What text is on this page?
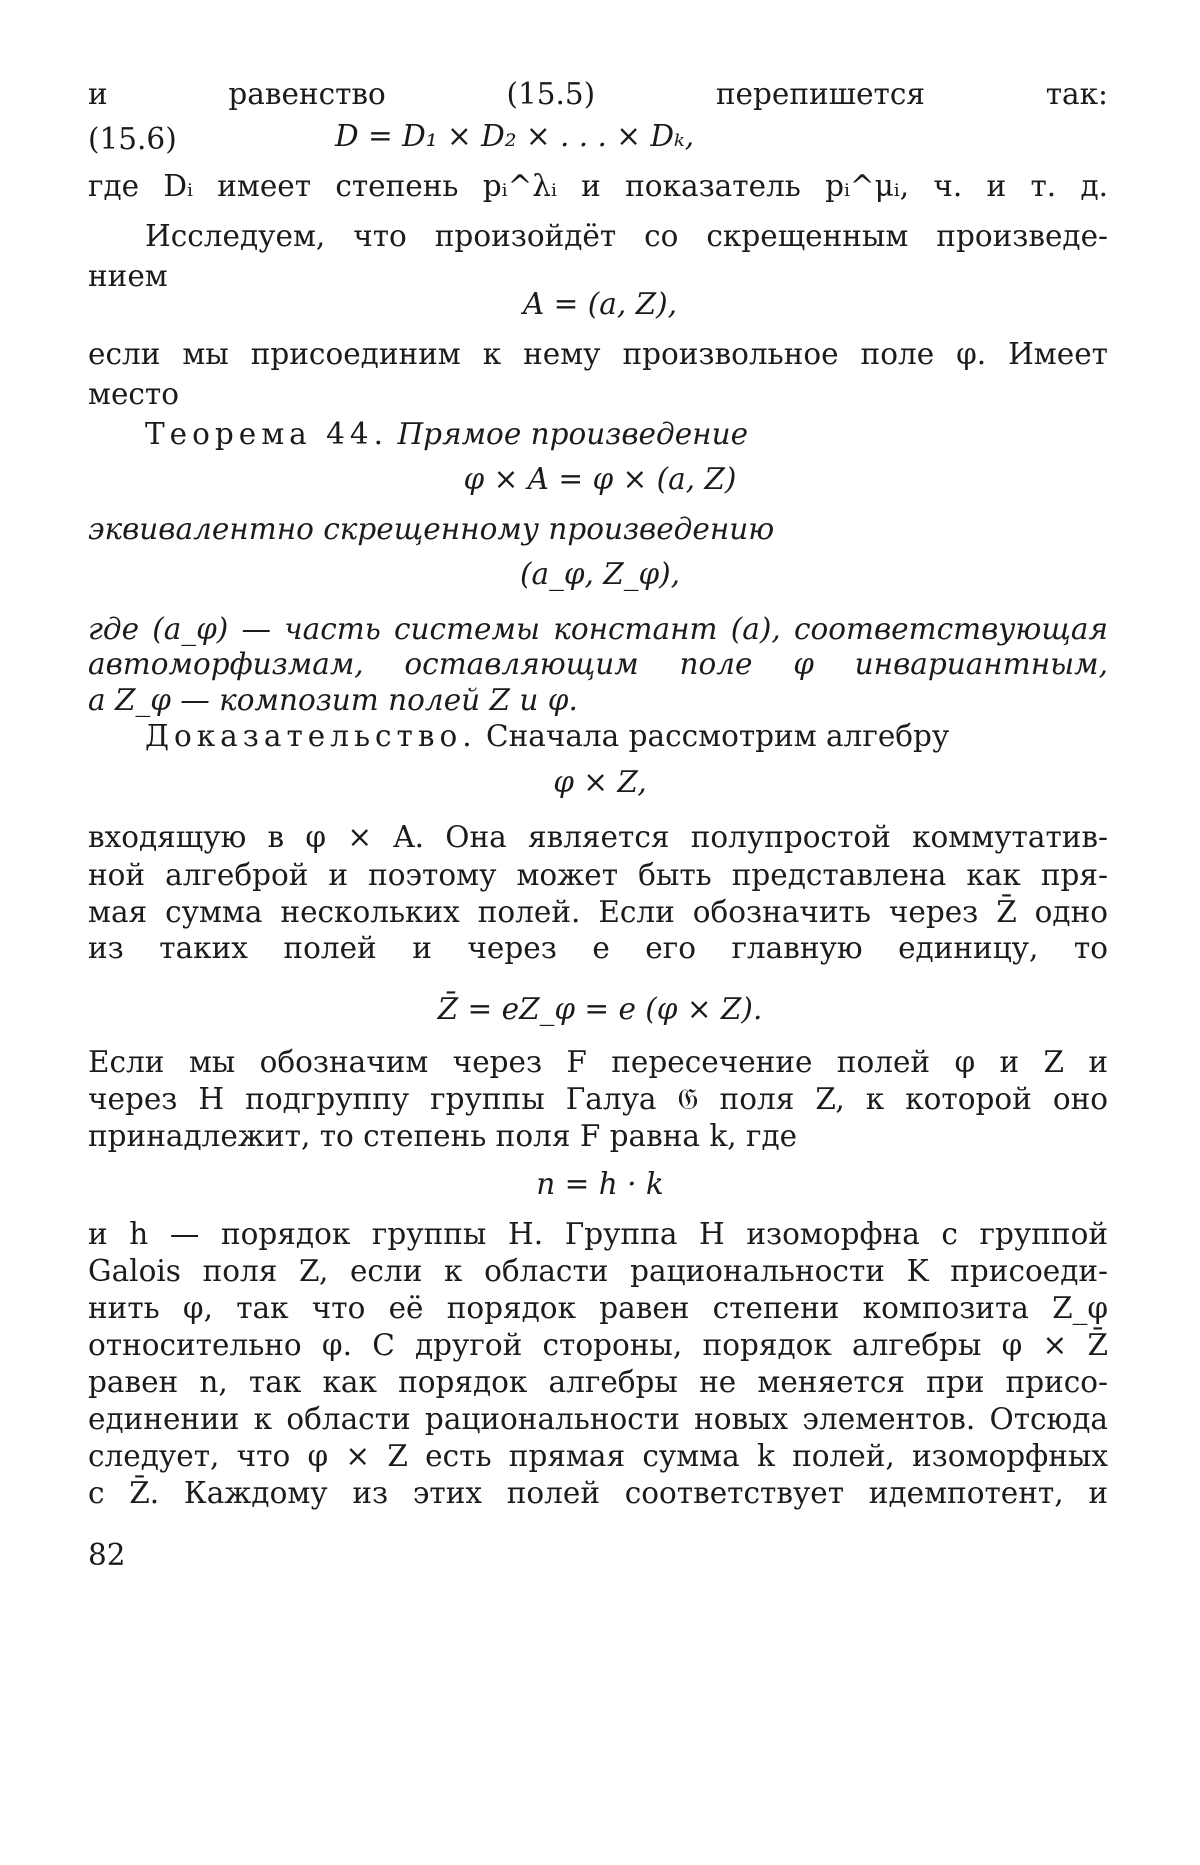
и равенство (15.5) перепишется так:
(15.6)	D = D₁ × D₂ × . . . × Dₖ,
где Dᵢ имеет степень pᵢ^λᵢ и показатель pᵢ^μᵢ, ч. и т. д.
Исследуем, что произойдёт со скрещенным произведе-
нием
A = (a, Z),
если мы присоединим к нему произвольное поле φ. Имеет
место
Теорема 44. Прямое произведение
φ × A = φ × (a, Z)
эквивалентно скрещенному произведению
(a_φ, Z_φ),
где (a_φ) — часть системы констант (a), соответствующая
автоморфизмам, оставляющим поле φ инвариантным,
а Z_φ — композит полей Z и φ.
Доказательство. Сначала рассмотрим алгебру
φ × Z,
входящую в φ × A. Она является полупростой коммутатив-
ной алгеброй и поэтому может быть представлена как пря-
мая сумма нескольких полей. Если обозначить через Z̄ одно
из таких полей и через e его главную единицу, то
Z̄ = eZ_φ = e (φ × Z).
Если мы обозначим через F пересечение полей φ и Z и
через H подгруппу группы Галуа 𝔊 поля Z, к которой оно
принадлежит, то степень поля F равна k, где
n = h · k
и h — порядок группы H. Группа H изоморфна с группой
Galois поля Z, если к области рациональности K присоеди-
нить φ, так что её порядок равен степени композита Z_φ
относительно φ. С другой стороны, порядок алгебры φ × Z̄
равен n, так как порядок алгебры не меняется при присо-
единении к области рациональности новых элементов. Отсюда
следует, что φ × Z есть прямая сумма k полей, изоморфных
с Z̄. Каждому из этих полей соответствует идемпотент, и
82
